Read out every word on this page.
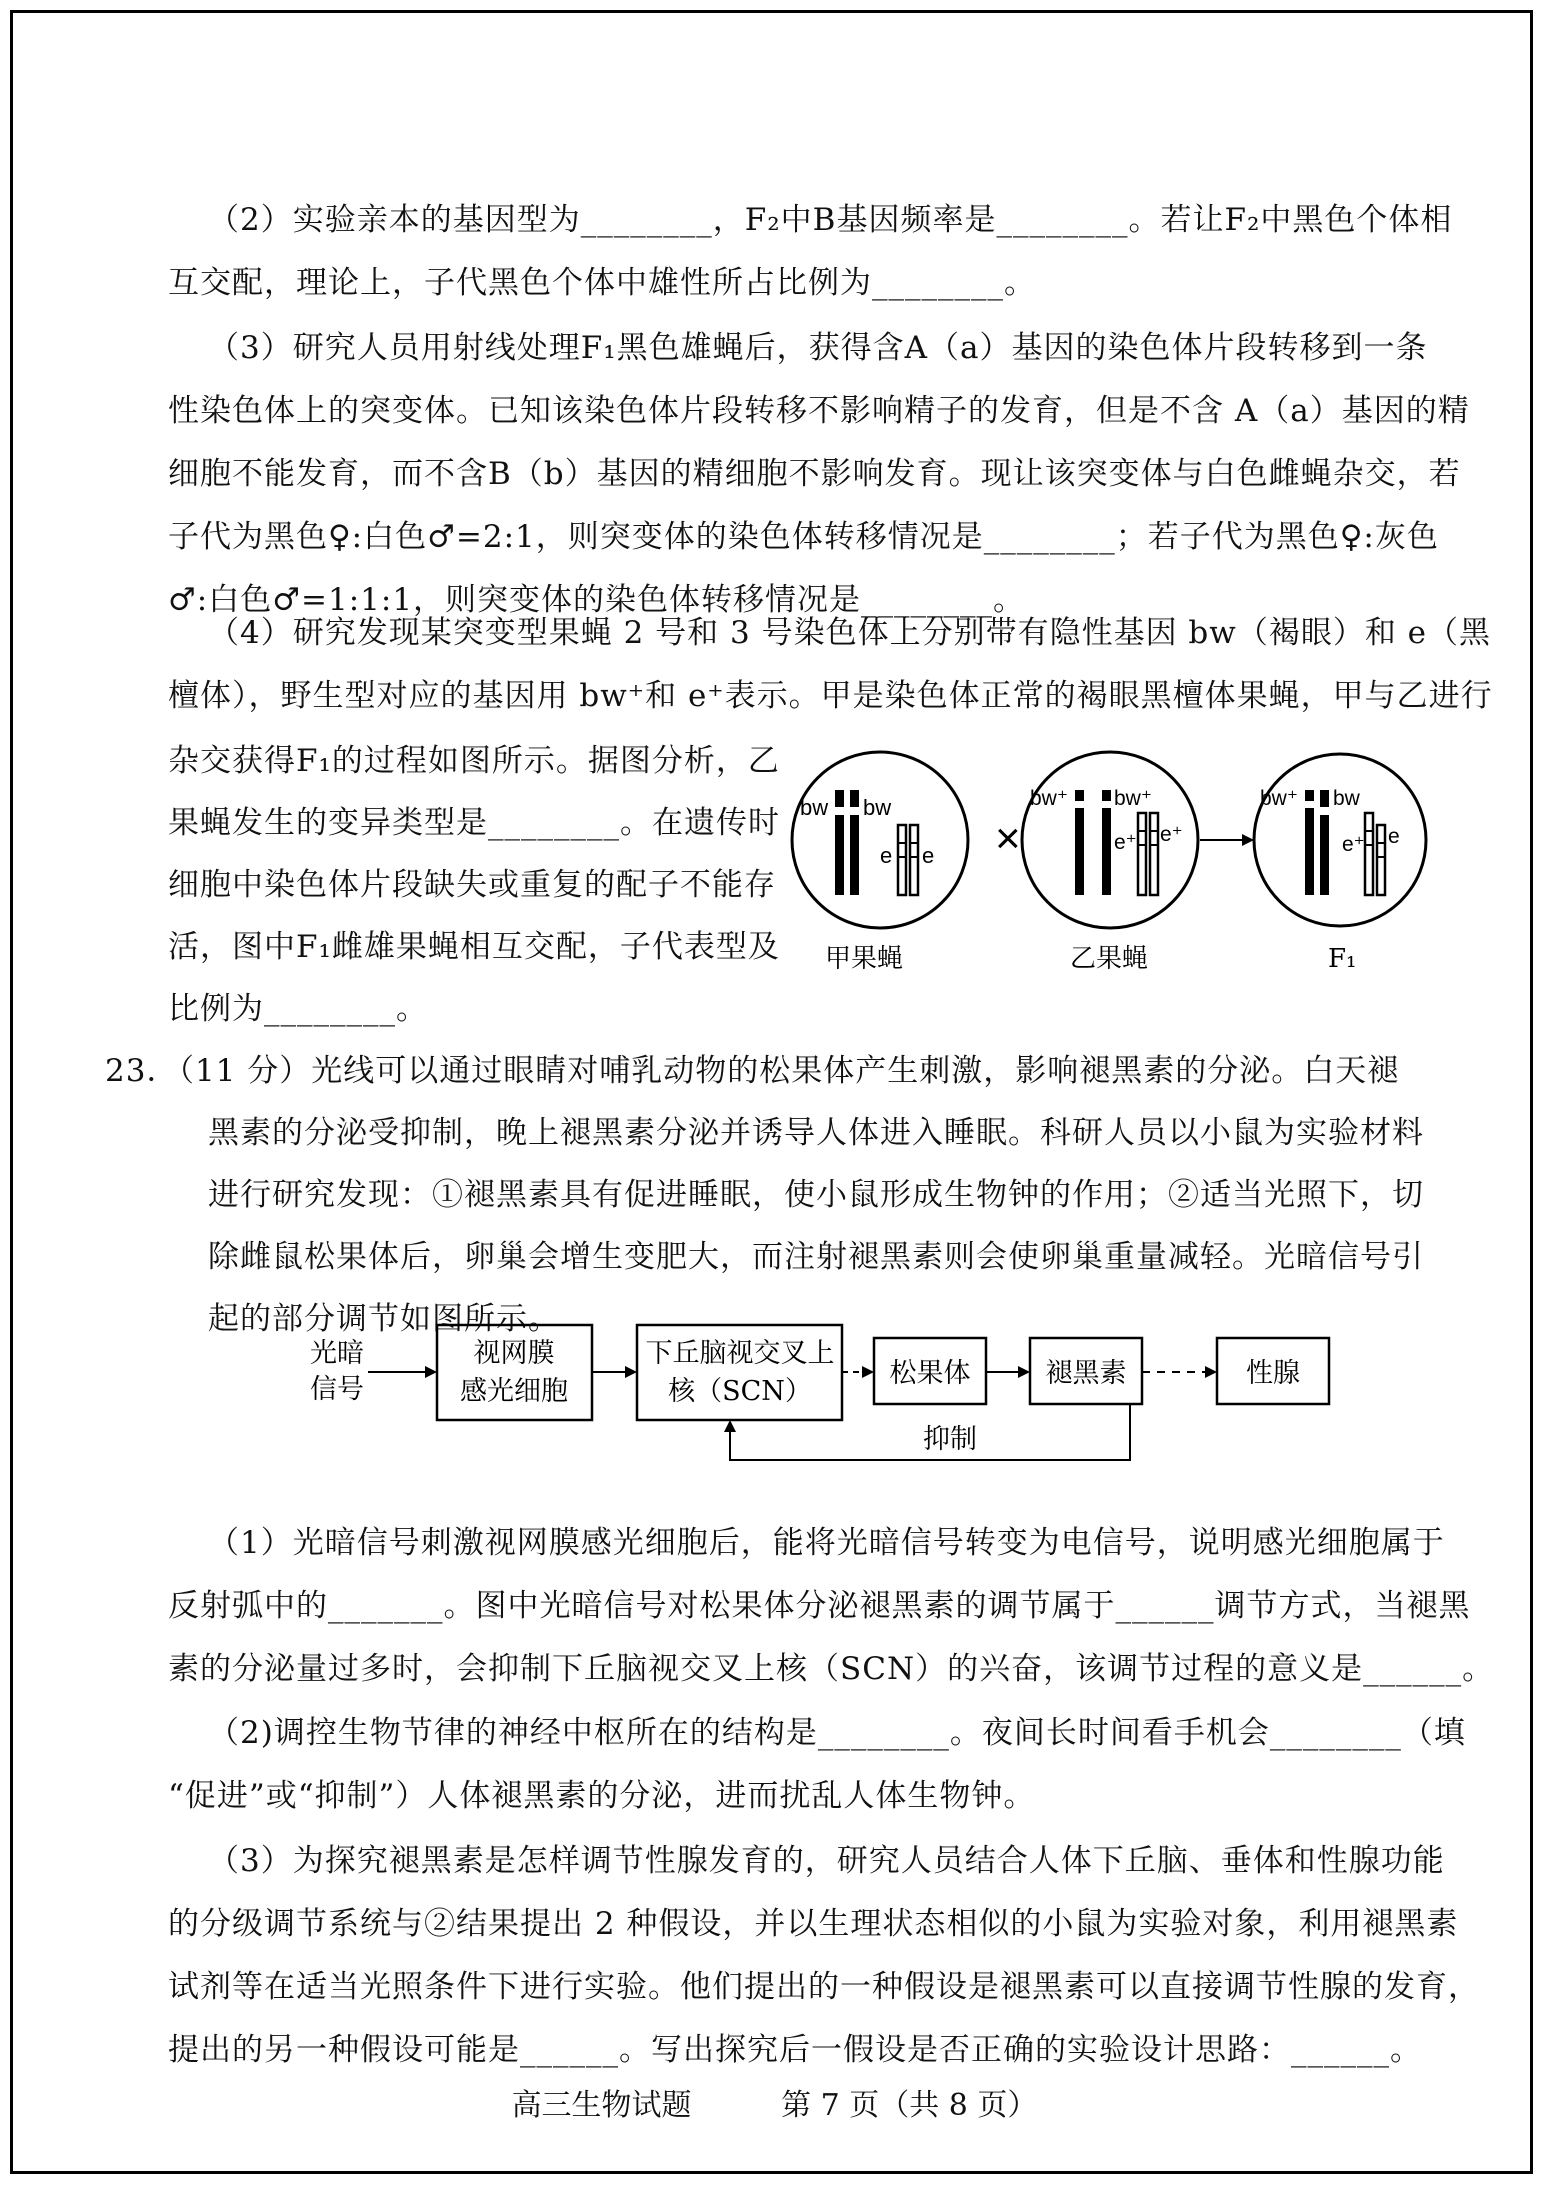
（2）实验亲本的基因型为________，F₂中B基因频率是________。若让F₂中黑色个体相
互交配，理论上，子代黑色个体中雄性所占比例为________。
（3）研究人员用射线处理F₁黑色雄蝇后，获得含A（a）基因的染色体片段转移到一条
性染色体上的突变体。已知该染色体片段转移不影响精子的发育，但是不含 A（a）基因的精
细胞不能发育，而不含B（b）基因的精细胞不影响发育。现让该突变体与白色雌蝇杂交，若
子代为黑色♀:白色♂=2:1，则突变体的染色体转移情况是________；若子代为黑色♀:灰色
♂:白色♂=1:1:1，则突变体的染色体转移情况是________。
（4）研究发现某突变型果蝇 2 号和 3 号染色体上分别带有隐性基因 bw（褐眼）和 e（黑
檀体），野生型对应的基因用 bw⁺和 e⁺表示。甲是染色体正常的褐眼黑檀体果蝇，甲与乙进行
杂交获得F₁的过程如图所示。据图分析，乙
果蝇发生的变异类型是________。在遗传时
细胞中染色体片段缺失或重复的配子不能存
活，图中F₁雌雄果蝇相互交配，子代表型及
比例为________。
bw bw
e e ×
bw⁺ bw⁺
e⁺ e⁺
bw⁺ bw
e⁺ e
甲果蝇	乙果蝇	F₁
23．（11 分）光线可以通过眼睛对哺乳动物的松果体产生刺激，影响褪黑素的分泌。白天褪
黑素的分泌受抑制，晚上褪黑素分泌并诱导人体进入睡眠。科研人员以小鼠为实验材料
进行研究发现：①褪黑素具有促进睡眠，使小鼠形成生物钟的作用；②适当光照下，切
除雌鼠松果体后，卵巢会增生变肥大，而注射褪黑素则会使卵巢重量减轻。光暗信号引
起的部分调节如图所示。
光暗
信号
视网膜
感光细胞
下丘脑视交叉上
核（SCN）
松果体	褪黑素	性腺
抑制
（1）光暗信号刺激视网膜感光细胞后，能将光暗信号转变为电信号，说明感光细胞属于
反射弧中的_______。图中光暗信号对松果体分泌褪黑素的调节属于______调节方式，当褪黑
素的分泌量过多时，会抑制下丘脑视交叉上核（SCN）的兴奋，该调节过程的意义是______。
（2)调控生物节律的神经中枢所在的结构是________。夜间长时间看手机会________（填
“促进”或“抑制”）人体褪黑素的分泌，进而扰乱人体生物钟。
（3）为探究褪黑素是怎样调节性腺发育的，研究人员结合人体下丘脑、垂体和性腺功能
的分级调节系统与②结果提出 2 种假设，并以生理状态相似的小鼠为实验对象，利用褪黑素
试剂等在适当光照条件下进行实验。他们提出的一种假设是褪黑素可以直接调节性腺的发育，
提出的另一种假设可能是______。写出探究后一假设是否正确的实验设计思路：______。
高三生物试题	第 7 页（共 8 页）
